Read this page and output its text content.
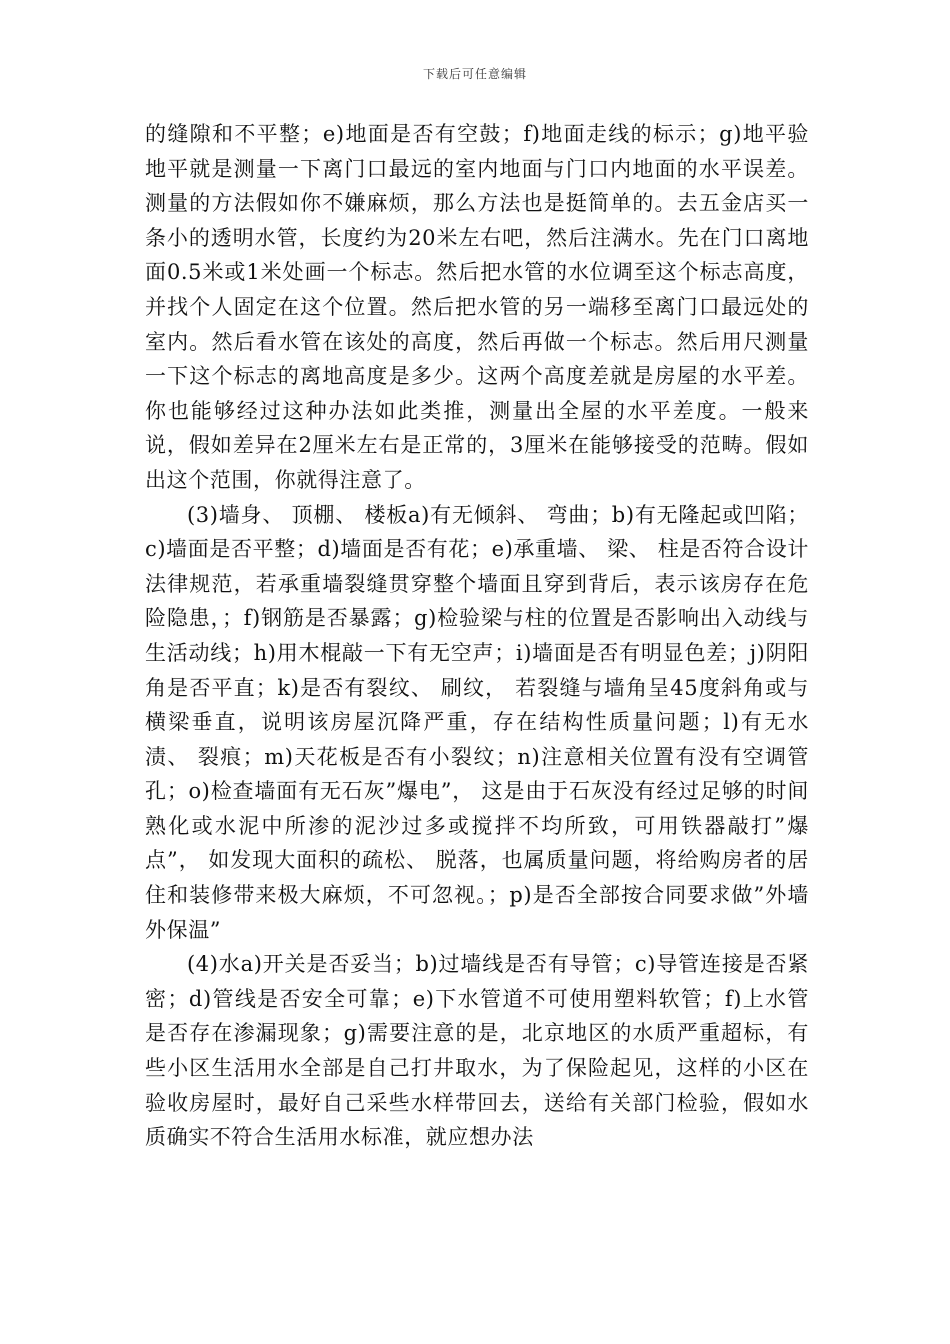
下载后可任意编辑

的缝隙和不平整；e)地面是否有空鼓；f)地面走线的标示；g)地平验地平就是测量一下离门口最远的室内地面与门口内地面的水平误差。测量的方法假如你不嫌麻烦，那么方法也是挺简单的。去五金店买一条小的透明水管，长度约为20米左右吧，然后注满水。先在门口离地面0.5米或1米处画一个标志。然后把水管的水位调至这个标志高度，并找个人固定在这个位置。然后把水管的另一端移至离门口最远处的室内。然后看水管在该处的高度，然后再做一个标志。然后用尺测量一下这个标志的离地高度是多少。这两个高度差就是房屋的水平差。你也能够经过这种办法如此类推，测量出全屋的水平差度。一般来说，假如差异在2厘米左右是正常的，3厘米在能够接受的范畴。假如出这个范围，你就得注意了。

(3)墙身、 顶棚、 楼板a)有无倾斜、 弯曲；b)有无隆起或凹陷；c)墙面是否平整；d)墙面是否有花；e)承重墙、 梁、 柱是否符合设计法律规范，若承重墙裂缝贯穿整个墙面且穿到背后，表示该房存在危险隐患，；f)钢筋是否暴露；g)检验梁与柱的位置是否影响出入动线与生活动线；h)用木棍敲一下有无空声；i)墙面是否有明显色差；j)阴阳角是否平直；k)是否有裂纹、 刷纹， 若裂缝与墙角呈45度斜角或与横梁垂直，说明该房屋沉降严重，存在结构性质量问题；l)有无水渍、 裂痕；m)天花板是否有小裂纹；n)注意相关位置有没有空调管孔；o)检查墙面有无石灰”爆电”， 这是由于石灰没有经过足够的时间熟化或水泥中所渗的泥沙过多或搅拌不均所致，可用铁器敲打”爆点”， 如发现大面积的疏松、 脱落，也属质量问题，将给购房者的居住和装修带来极大麻烦，不可忽视。；p)是否全部按合同要求做”外墙外保温”

(4)水a)开关是否妥当；b)过墙线是否有导管；c)导管连接是否紧密；d)管线是否安全可靠；e)下水管道不可使用塑料软管；f)上水管是否存在渗漏现象；g)需要注意的是，北京地区的水质严重超标，有些小区生活用水全部是自己打井取水，为了保险起见，这样的小区在验收房屋时，最好自己采些水样带回去，送给有关部门检验，假如水质确实不符合生活用水标准，就应想办法
